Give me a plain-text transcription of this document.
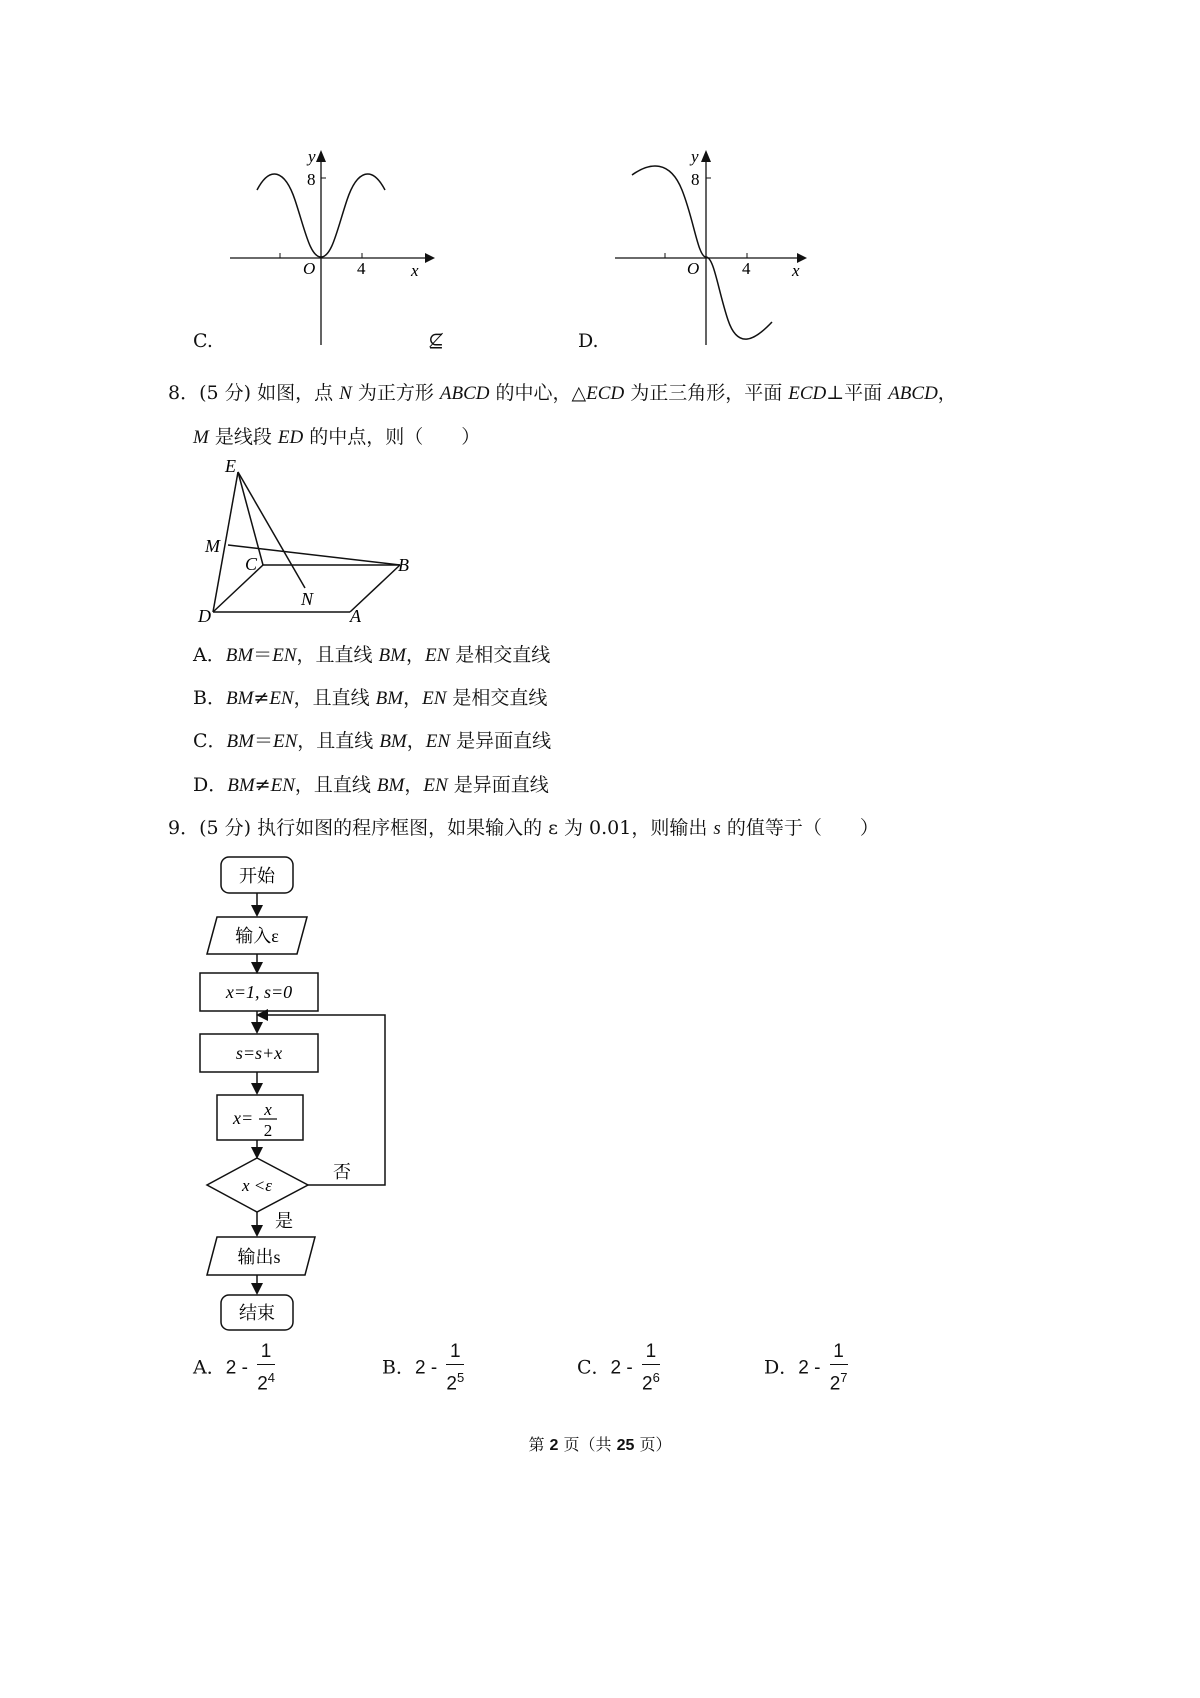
y
8
O 4	x
C.	⊈
y
8
O	4 x
D.
8．(5 分) 如图，点 N 为正方形 ABCD 的中心，△ECD 为正三角形，平面 ECD⊥平面 ABCD，
M 是线段 ED 的中点，则（　　）
E
M
C	B
N
D	A
A．BM＝EN，且直线 BM，EN 是相交直线
B．BM≠EN，且直线 BM，EN 是相交直线
C．BM＝EN，且直线 BM，EN 是异面直线
D．BM≠EN，且直线 BM，EN 是异面直线
9．(5 分) 执行如图的程序框图，如果输入的 ε 为 0.01，则输出 s 的值等于（　　）
开始
输入ε
x=1, s=0
s=s+x
x= x
2
x <ε
否
是
输出s
结束
A．$2 - \frac{1}{2^4}$	B．$2 - \frac{1}{2^5}$	C．$2 - \frac{1}{2^6}$	D．$2 - \frac{1}{2^7}$
第 2 页（共 25 页）
